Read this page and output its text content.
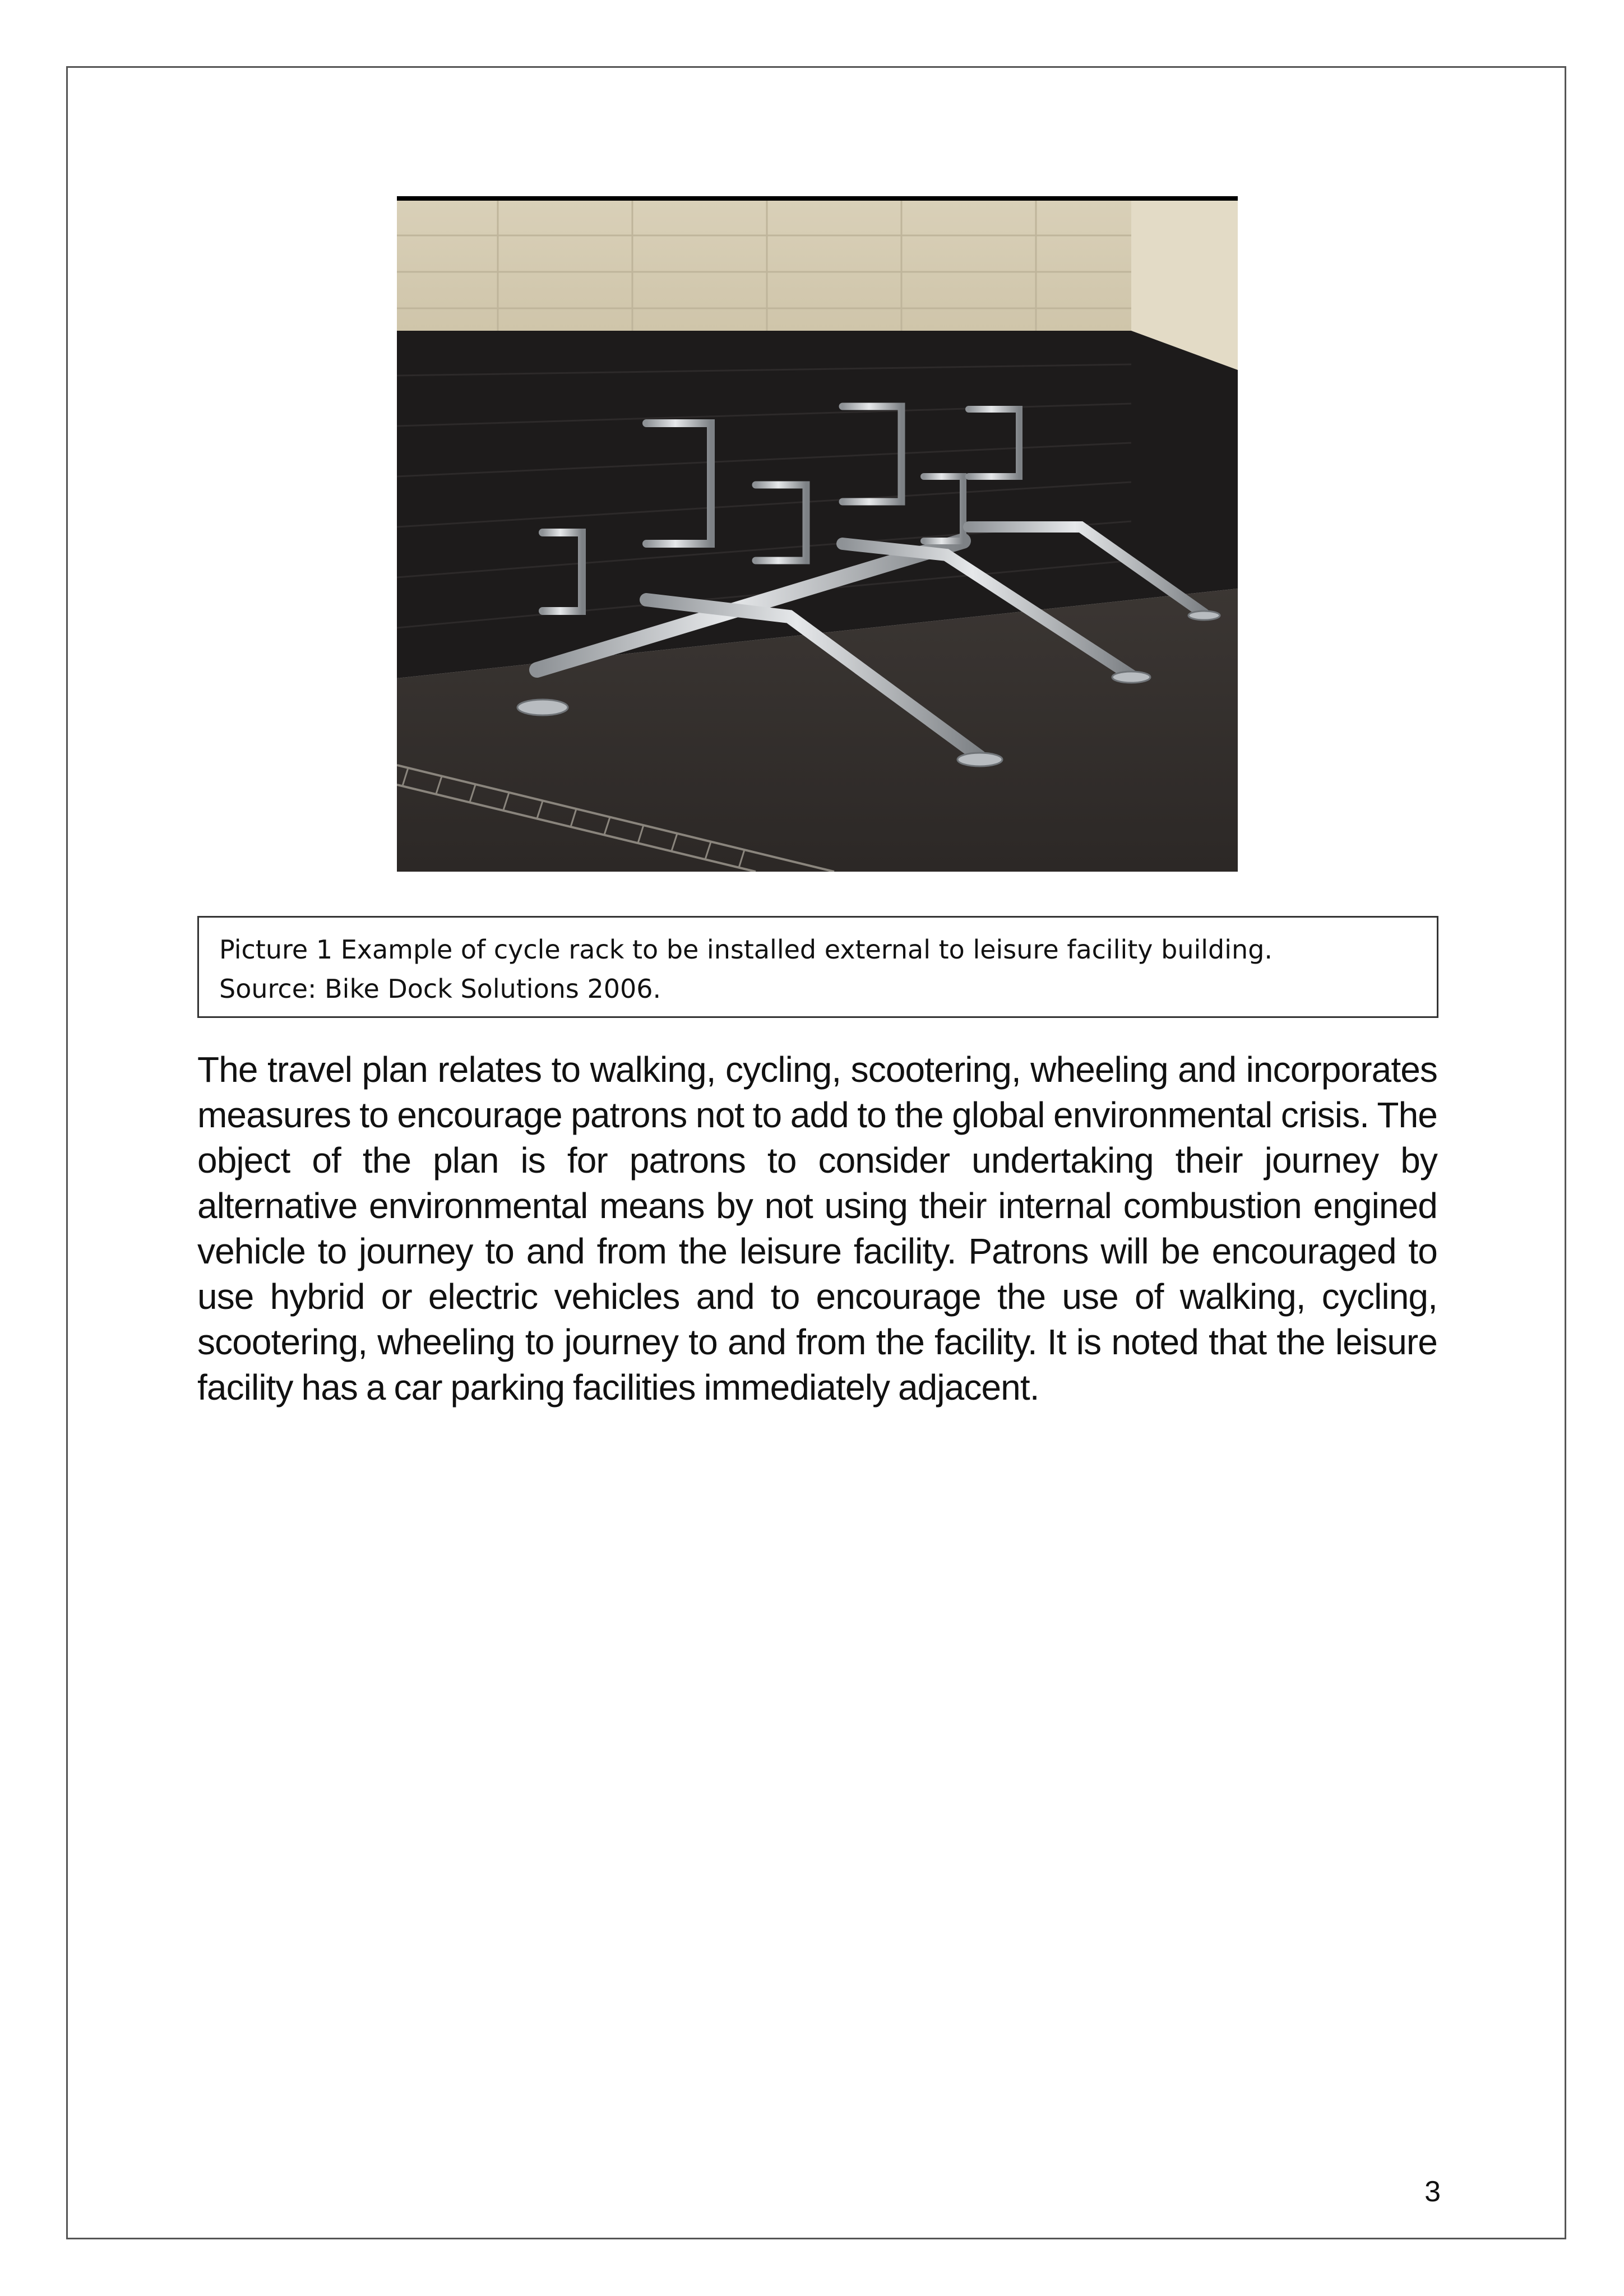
Picture 1 Example of cycle rack to be installed external to leisure facility building.
Source: Bike Dock Solutions 2006.

The travel plan relates to walking, cycling, scootering, wheeling and incorporates measures to encourage patrons not to add to the global environmental crisis. The object of the plan is for patrons to consider undertaking their journey by alternative environmental means by not using their internal combustion engined vehicle to journey to and from the leisure facility. Patrons will be encouraged to use hybrid or electric vehicles and to encourage the use of walking, cycling, scootering, wheeling to journey to and from the facility. It is noted that the leisure facility has a car parking facilities immediately adjacent.

3
